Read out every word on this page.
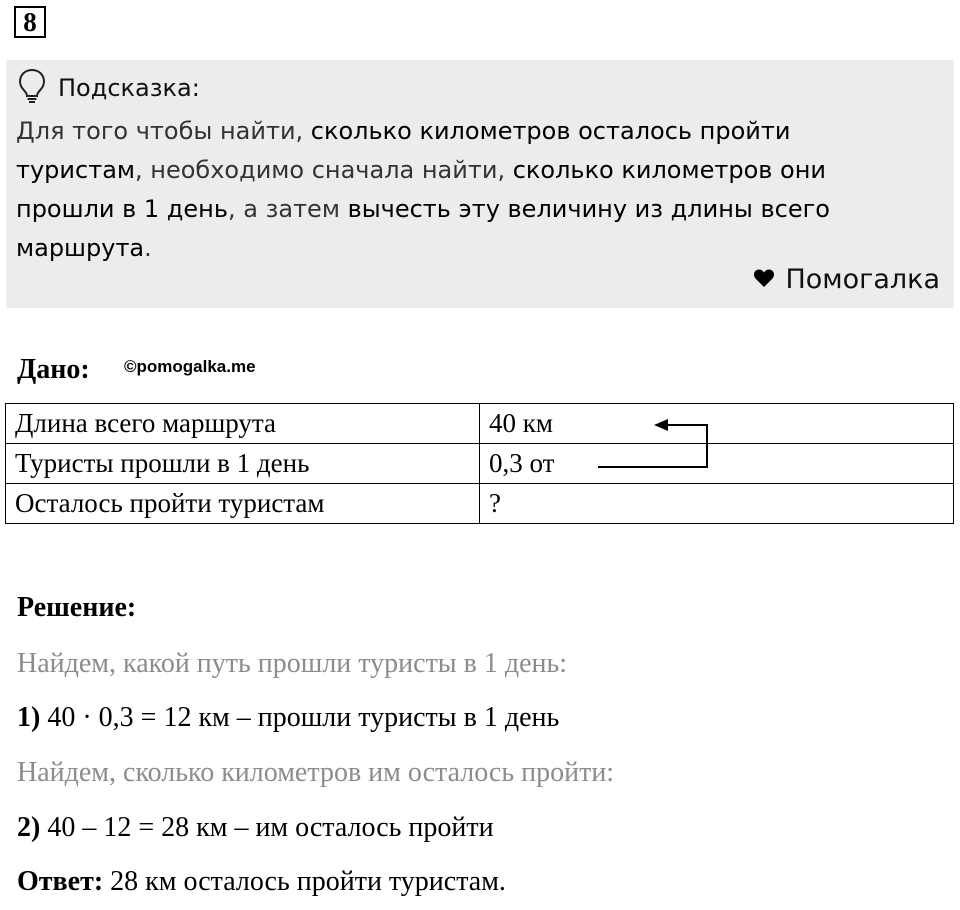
8
Подсказка:
Для того чтобы найти, сколько километров осталось пройти туристам, необходимо сначала найти, сколько километров они прошли в 1 день, а затем вычесть эту величину из длины всего маршрута.
Помогалка
Дано: ©pomogalka.me
Длина всего маршрута	40 км
Туристы прошли в 1 день	0,3 от
Осталось пройти туристам	?
Решение:
Найдем, какой путь прошли туристы в 1 день:
1) 40 · 0,3 = 12 км – прошли туристы в 1 день
Найдем, сколько километров им осталось пройти:
2) 40 – 12 = 28 км – им осталось пройти
Ответ: 28 км осталось пройти туристам.
